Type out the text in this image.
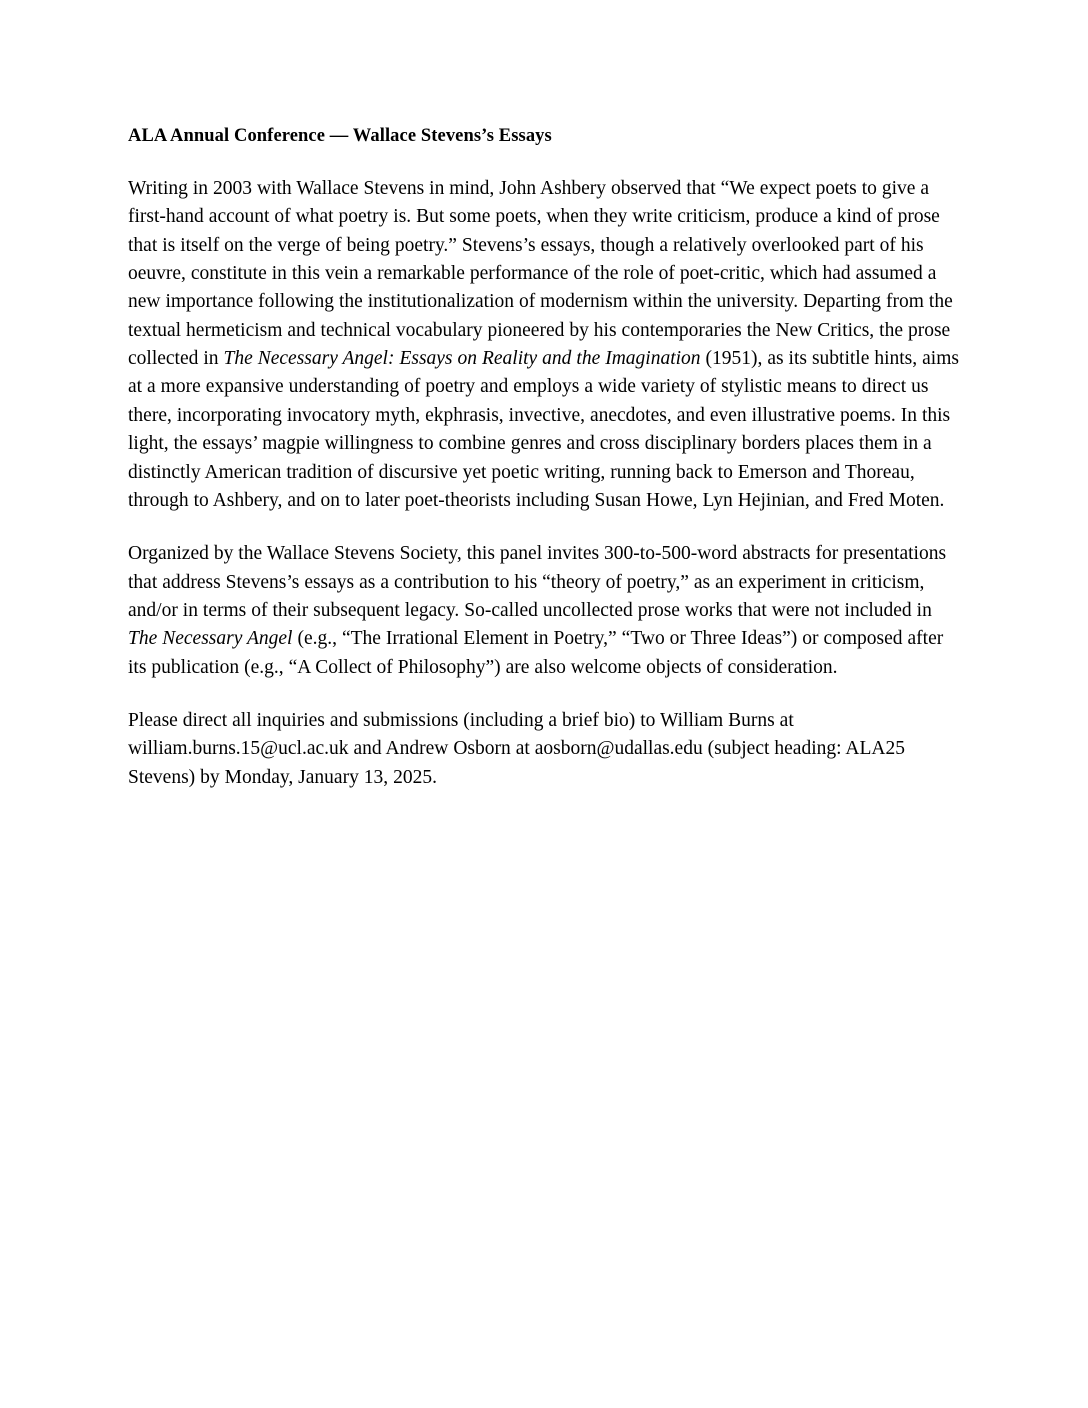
ALA Annual Conference — Wallace Stevens’s Essays

Writing in 2003 with Wallace Stevens in mind, John Ashbery observed that “We expect poets to give a first-hand account of what poetry is. But some poets, when they write criticism, produce a kind of prose that is itself on the verge of being poetry.” Stevens’s essays, though a relatively overlooked part of his oeuvre, constitute in this vein a remarkable performance of the role of poet-critic, which had assumed a new importance following the institutionalization of modernism within the university. Departing from the textual hermeticism and technical vocabulary pioneered by his contemporaries the New Critics, the prose collected in The Necessary Angel: Essays on Reality and the Imagination (1951), as its subtitle hints, aims at a more expansive understanding of poetry and employs a wide variety of stylistic means to direct us there, incorporating invocatory myth, ekphrasis, invective, anecdotes, and even illustrative poems. In this light, the essays’ magpie willingness to combine genres and cross disciplinary borders places them in a distinctly American tradition of discursive yet poetic writing, running back to Emerson and Thoreau, through to Ashbery, and on to later poet-theorists including Susan Howe, Lyn Hejinian, and Fred Moten.

Organized by the Wallace Stevens Society, this panel invites 300-to-500-word abstracts for presentations that address Stevens’s essays as a contribution to his “theory of poetry,” as an experiment in criticism, and/or in terms of their subsequent legacy. So-called uncollected prose works that were not included in The Necessary Angel (e.g., “The Irrational Element in Poetry,” “Two or Three Ideas”) or composed after its publication (e.g., “A Collect of Philosophy”) are also welcome objects of consideration.

Please direct all inquiries and submissions (including a brief bio) to William Burns at william.burns.15@ucl.ac.uk and Andrew Osborn at aosborn@udallas.edu (subject heading: ALA25 Stevens) by Monday, January 13, 2025.
